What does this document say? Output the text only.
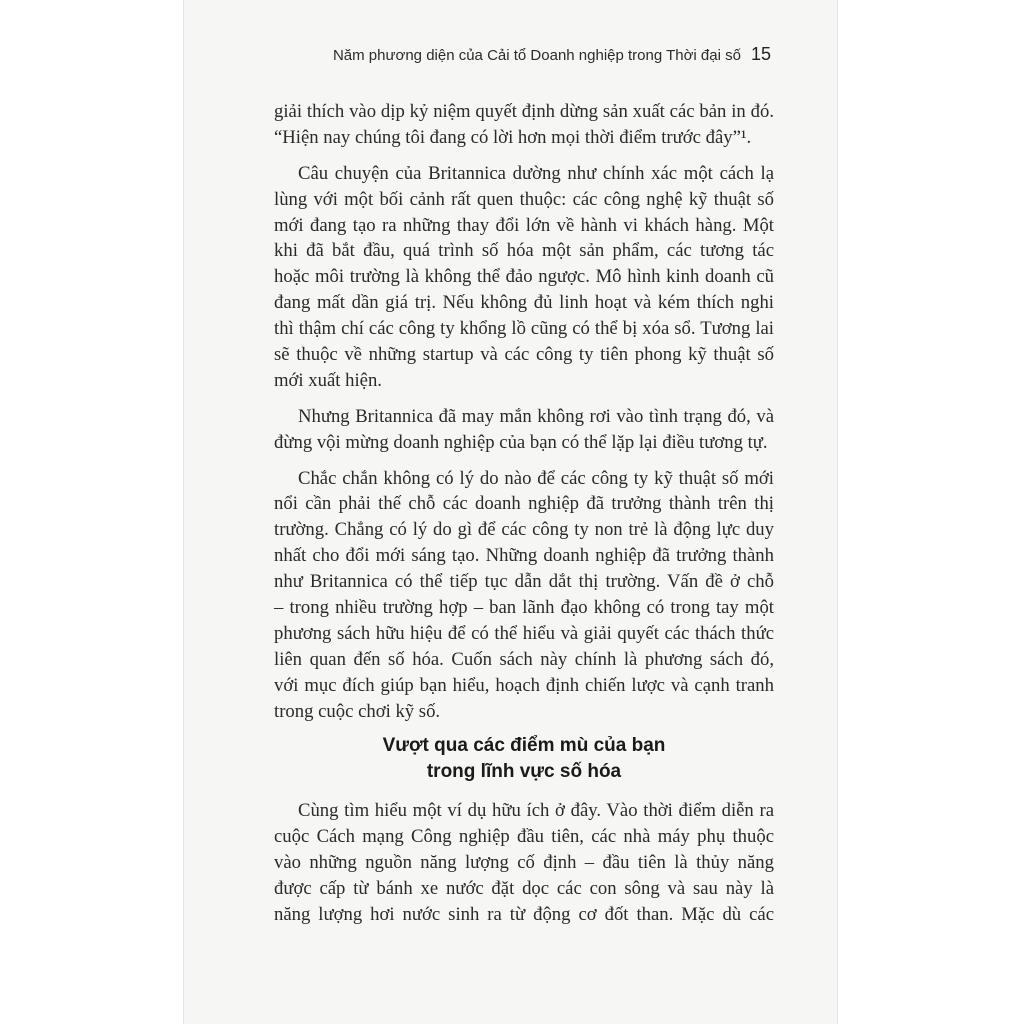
Năm phương diện của Cải tổ Doanh nghiệp trong Thời đại số 15
giải thích vào dịp kỷ niệm quyết định dừng sản xuất các bản in đó.
“Hiện nay chúng tôi đang có lời hơn mọi thời điểm trước đây”¹.
Câu chuyện của Britannica dường như chính xác một cách lạ
lùng với một bối cảnh rất quen thuộc: các công nghệ kỹ thuật số
mới đang tạo ra những thay đổi lớn về hành vi khách hàng. Một
khi đã bắt đầu, quá trình số hóa một sản phẩm, các tương tác
hoặc môi trường là không thể đảo ngược. Mô hình kinh doanh cũ
đang mất dần giá trị. Nếu không đủ linh hoạt và kém thích nghi
thì thậm chí các công ty khổng lồ cũng có thể bị xóa sổ. Tương lai
sẽ thuộc về những startup và các công ty tiên phong kỹ thuật số
mới xuất hiện.
Nhưng Britannica đã may mắn không rơi vào tình trạng đó, và
đừng vội mừng doanh nghiệp của bạn có thể lặp lại điều tương tự.
Chắc chắn không có lý do nào để các công ty kỹ thuật số mới
nổi cần phải thế chỗ các doanh nghiệp đã trưởng thành trên thị
trường. Chẳng có lý do gì để các công ty non trẻ là động lực duy
nhất cho đổi mới sáng tạo. Những doanh nghiệp đã trưởng thành
như Britannica có thể tiếp tục dẫn dắt thị trường. Vấn đề ở chỗ
– trong nhiều trường hợp – ban lãnh đạo không có trong tay một
phương sách hữu hiệu để có thể hiểu và giải quyết các thách thức
liên quan đến số hóa. Cuốn sách này chính là phương sách đó,
với mục đích giúp bạn hiểu, hoạch định chiến lược và cạnh tranh
trong cuộc chơi kỹ số.
Vượt qua các điểm mù của bạn
trong lĩnh vực số hóa
Cùng tìm hiểu một ví dụ hữu ích ở đây. Vào thời điểm diễn ra
cuộc Cách mạng Công nghiệp đầu tiên, các nhà máy phụ thuộc
vào những nguồn năng lượng cố định – đầu tiên là thủy năng
được cấp từ bánh xe nước đặt dọc các con sông và sau này là
năng lượng hơi nước sinh ra từ động cơ đốt than. Mặc dù các
